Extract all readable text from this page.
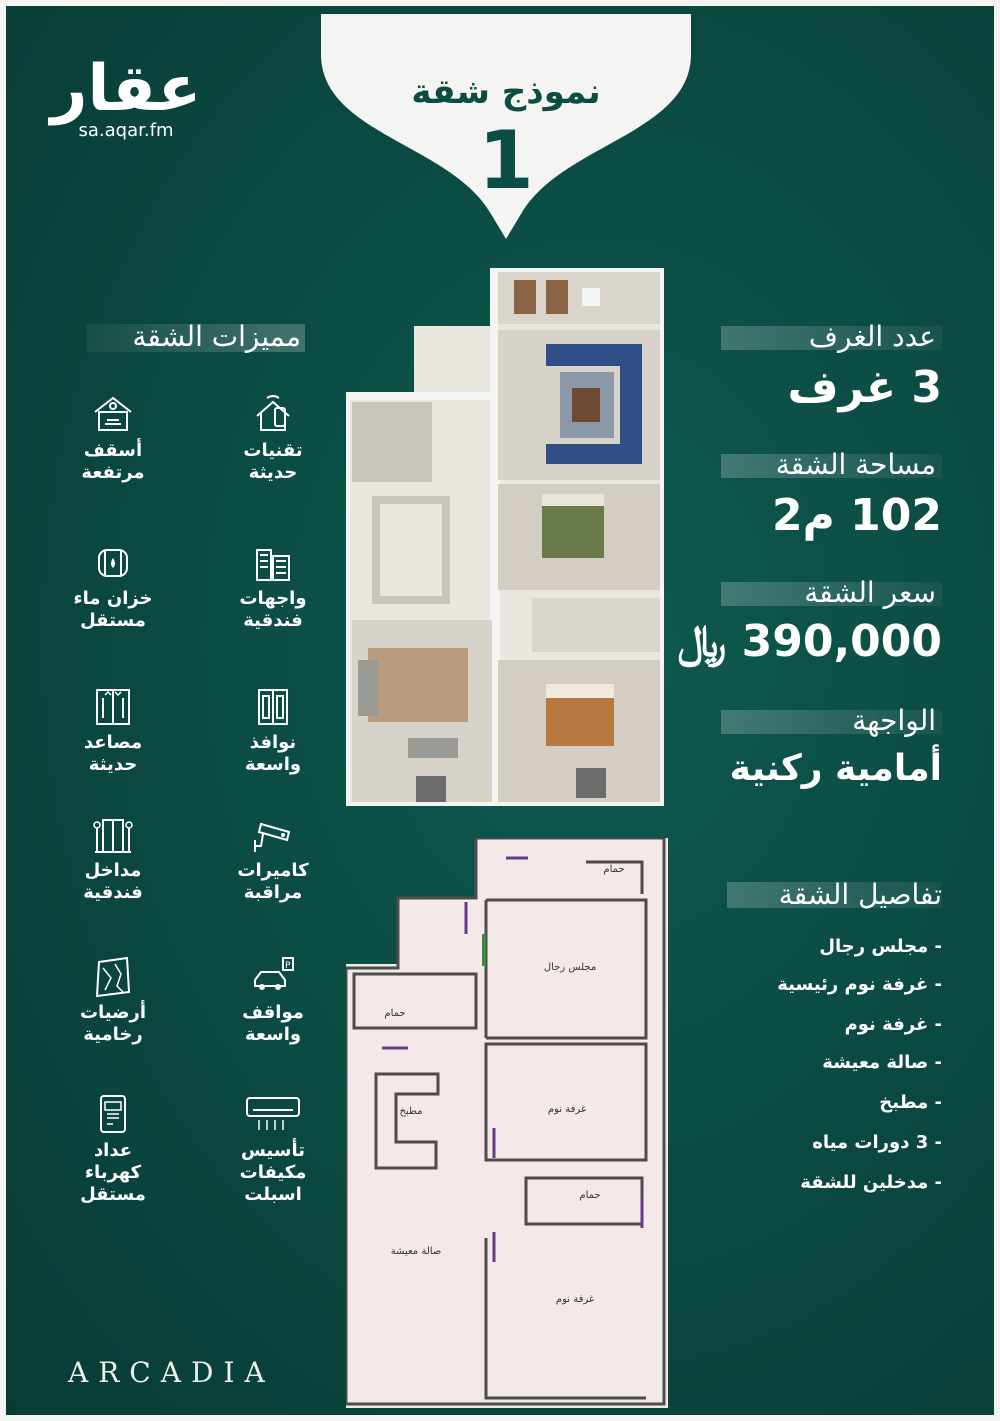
عقار
sa.aqar.fm
نموذج شقة
1
عدد الغرف
3 غرف
مساحة الشقة
102 م2
سعر الشقة
390,000 ﷼
الواجهة
أمامية ركنية
مميزات الشقة
تقنيات
حديثة
أسقف
مرتفعة
واجهات
فندقية
خزان ماء
مستقل
نوافذ
واسعة
مصاعد
حديثة
كاميرات
مراقبة
مداخل
فندقية
P
مواقف
واسعة
أرضيات
رخامية
تأسيس
مكيفات
اسبلت
عداد
كهرباء
مستقل
مجلس رجال
حمام
حمام
مطبخ	غرفة نوم
حمام
صالة معيشة
غرفة نوم
تفاصيل الشقة
- مجلس رجال
- غرفة نوم رئيسية
- غرفة نوم
- صالة معيشة
- مطبخ
- 3 دورات مياه
- مدخلين للشقة
ARCADIA
